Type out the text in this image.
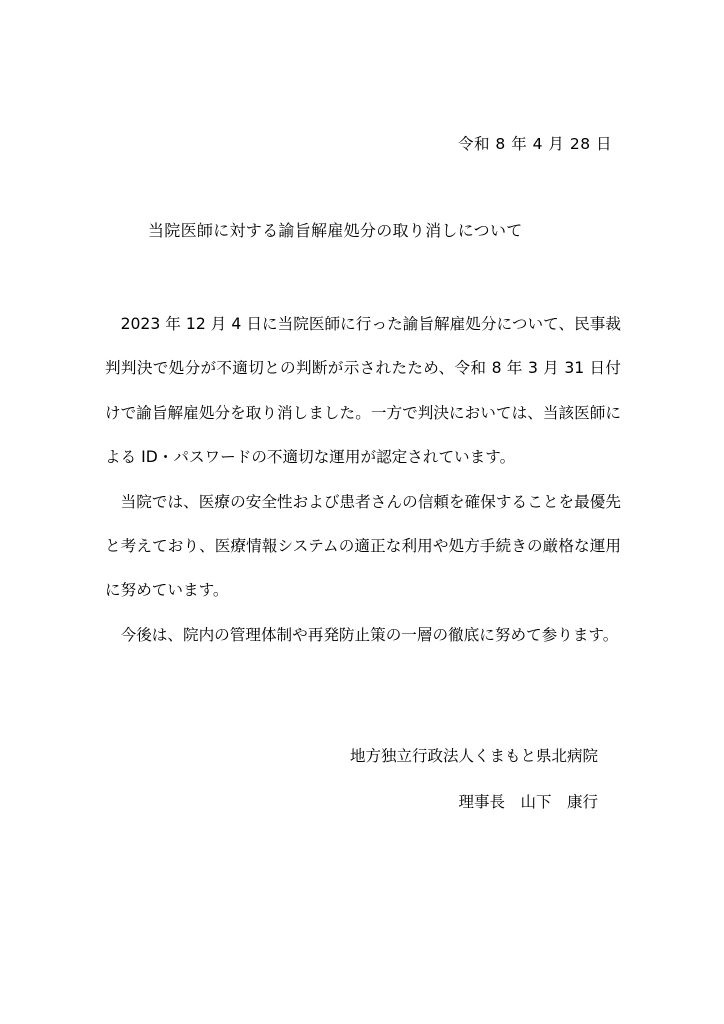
令和 8 年 4 月 28 日
当院医師に対する諭旨解雇処分の取り消しについて

2023 年 12 月 4 日に当院医師に行った諭旨解雇処分について、民事裁判判決で処分が不適切との判断が示されたため、令和 8 年 3 月 31 日付けで諭旨解雇処分を取り消しました。一方で判決においては、当該医師による ID・パスワードの不適切な運用が認定されています。

当院では、医療の安全性および患者さんの信頼を確保することを最優先と考えており、医療情報システムの適正な利用や処方手続きの厳格な運用に努めています。

今後は、院内の管理体制や再発防止策の一層の徹底に努めて参ります。

地方独立行政法人くまもと県北病院
理事長　山下　康行
